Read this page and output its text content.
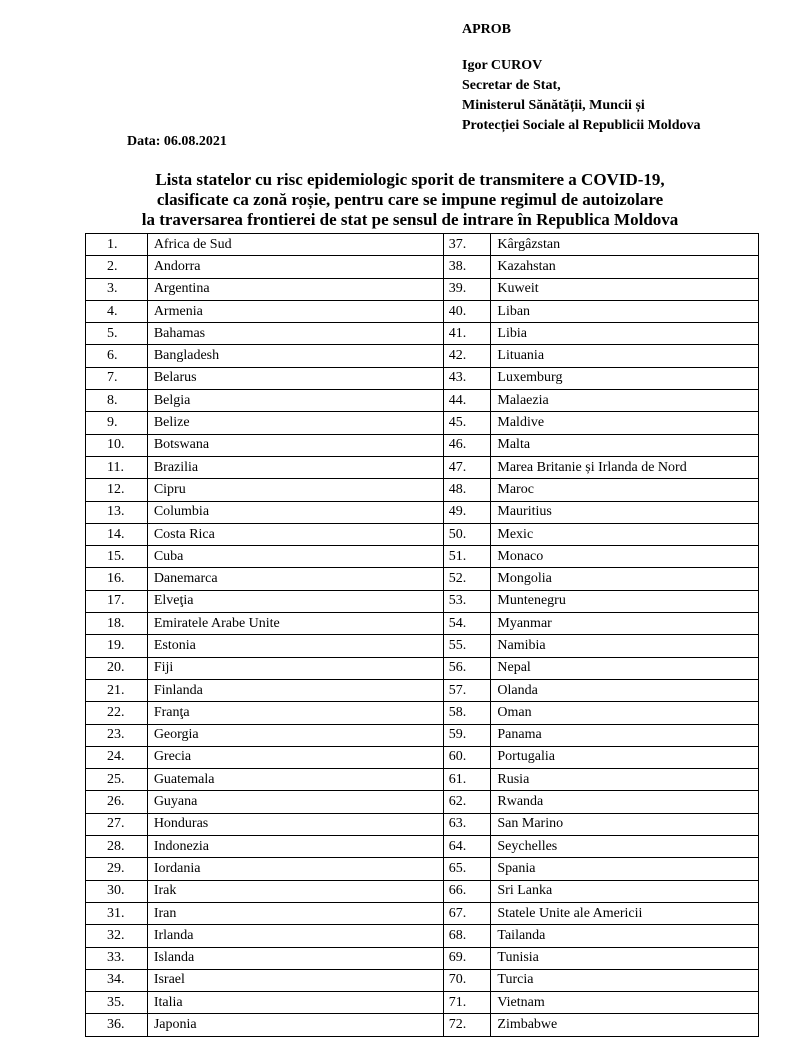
APROB
Igor CUROV
Secretar de Stat,
Ministerul Sănătății, Muncii și
Protecției Sociale al Republicii Moldova
Data: 06.08.2021
Lista statelor cu risc epidemiologic sporit de transmitere a COVID-19,
clasificate ca zonă roșie, pentru care se impune regimul de autoizolare
la traversarea frontierei de stat pe sensul de intrare în Republica Moldova
1.	Africa de Sud	37.	Kârgâzstan
2.	Andorra	38.	Kazahstan
3.	Argentina	39.	Kuweit
4.	Armenia	40.	Liban
5.	Bahamas	41.	Libia
6.	Bangladesh	42.	Lituania
7.	Belarus	43.	Luxemburg
8.	Belgia	44.	Malaezia
9.	Belize	45.	Maldive
10.	Botswana	46.	Malta
11.	Brazilia	47.	Marea Britanie și Irlanda de Nord
12.	Cipru	48.	Maroc
13.	Columbia	49.	Mauritius
14.	Costa Rica	50.	Mexic
15.	Cuba	51.	Monaco
16.	Danemarca	52.	Mongolia
17.	Elveţia	53.	Muntenegru
18.	Emiratele Arabe Unite	54.	Myanmar
19.	Estonia	55.	Namibia
20.	Fiji	56.	Nepal
21.	Finlanda	57.	Olanda
22.	Franţa	58.	Oman
23.	Georgia	59.	Panama
24.	Grecia	60.	Portugalia
25.	Guatemala	61.	Rusia
26.	Guyana	62.	Rwanda
27.	Honduras	63.	San Marino
28.	Indonezia	64.	Seychelles
29.	Iordania	65.	Spania
30.	Irak	66.	Sri Lanka
31.	Iran	67.	Statele Unite ale Americii
32.	Irlanda	68.	Tailanda
33.	Islanda	69.	Tunisia
34.	Israel	70.	Turcia
35.	Italia	71.	Vietnam
36.	Japonia	72.	Zimbabwe
